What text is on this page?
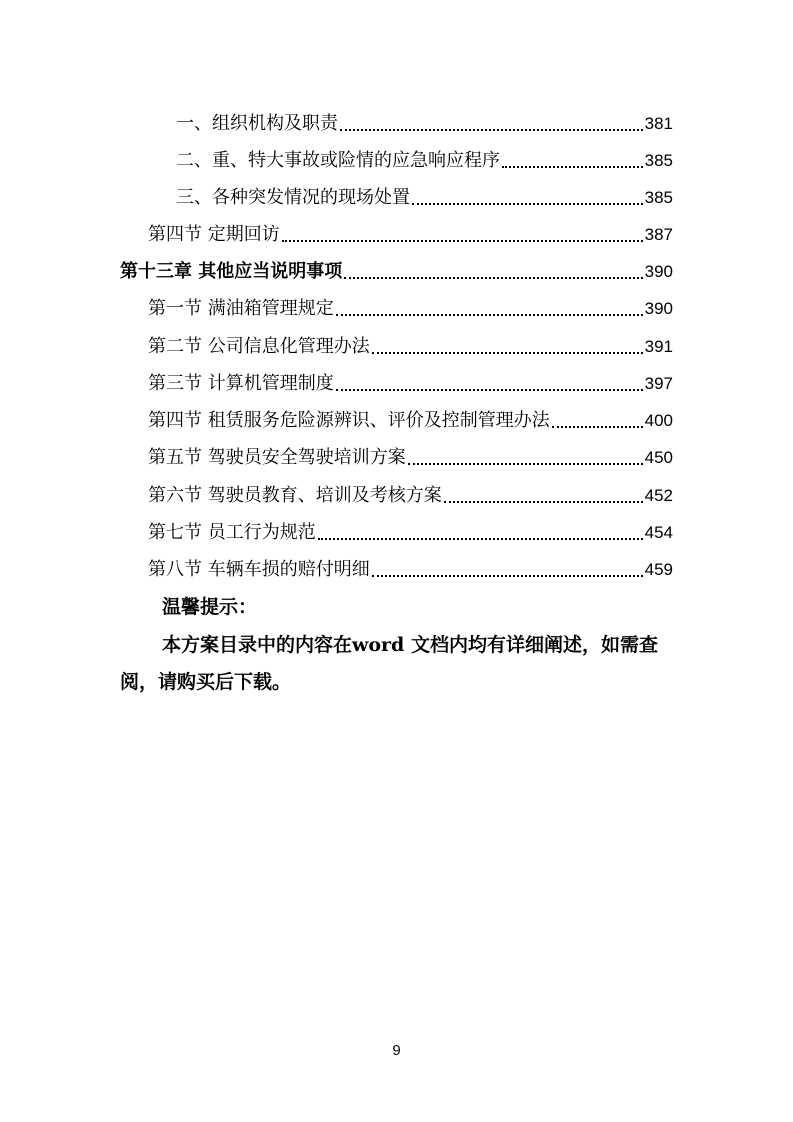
一、组织机构及职责	381
二、重、特大事故或险情的应急响应程序	385
三、各种突发情况的现场处置	385
第四节 定期回访	387
第十三章 其他应当说明事项	390
第一节 满油箱管理规定	390
第二节 公司信息化管理办法	391
第三节 计算机管理制度	397
第四节 租赁服务危险源辨识、评价及控制管理办法	400
第五节 驾驶员安全驾驶培训方案	450
第六节 驾驶员教育、培训及考核方案	452
第七节 员工行为规范	454
第八节 车辆车损的赔付明细	459
温馨提示：

本方案目录中的内容在word 文档内均有详细阐述，如需查阅，请购买后下载。

9
